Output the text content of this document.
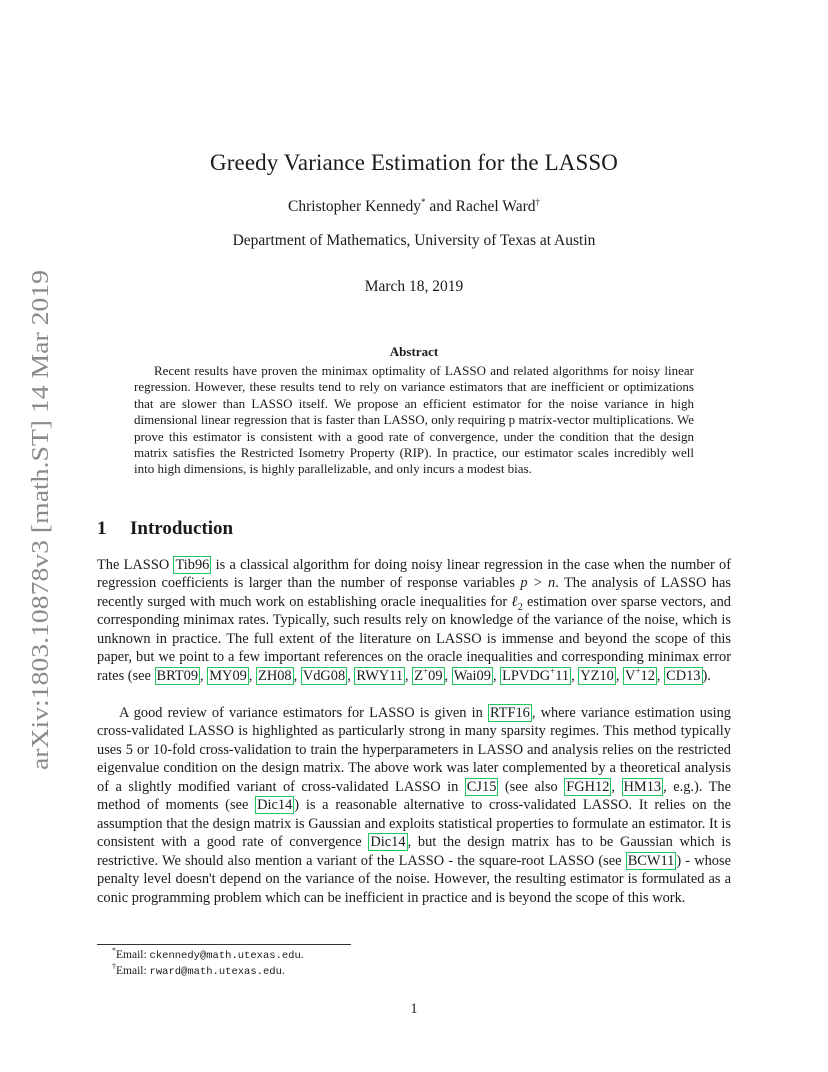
arXiv:1803.10878v3 [math.ST] 14 Mar 2019
Greedy Variance Estimation for the LASSO
Christopher Kennedy* and Rachel Ward†
Department of Mathematics, University of Texas at Austin
March 18, 2019
Abstract

Recent results have proven the minimax optimality of LASSO and related algorithms for noisy linear regression. However, these results tend to rely on variance estimators that are inefficient or optimizations that are slower than LASSO itself. We propose an efficient estimator for the noise variance in high dimensional linear regression that is faster than LASSO, only requiring p matrix-vector multiplications. We prove this estimator is consistent with a good rate of convergence, under the condition that the design matrix satisfies the Restricted Isometry Property (RIP). In practice, our estimator scales incredibly well into high dimensions, is highly parallelizable, and only incurs a modest bias.

1 Introduction

The LASSO Tib96 is a classical algorithm for doing noisy linear regression in the case when the number of regression coefficients is larger than the number of response variables p > n. The analysis of LASSO has recently surged with much work on establishing oracle inequalities for ℓ$_2$ estimation over sparse vectors, and corresponding minimax rates. Typically, such results rely on knowledge of the variance of the noise, which is unknown in practice. The full extent of the literature on LASSO is immense and beyond the scope of this paper, but we point to a few important references on the oracle inequalities and corresponding minimax error rates (see BRT09 , MY09 , ZH08 , VdG08 , RWY11 , Z+09 , Wai09 , LPVDG+11 , YZ10 , V+12 , CD13 ).

A good review of variance estimators for LASSO is given in RTF16 , where variance estimation using cross-validated LASSO is highlighted as particularly strong in many sparsity regimes. This method typically uses 5 or 10-fold cross-validation to train the hyperparameters in LASSO and analysis relies on the restricted eigenvalue condition on the design matrix. The above work was later complemented by a theoretical analysis of a slightly modified variant of cross-validated LASSO in CJ15 (see also FGH12 , HM13 , e.g.). The method of moments (see Dic14 ) is a reasonable alternative to cross-validated LASSO. It relies on the assumption that the design matrix is Gaussian and exploits statistical properties to formulate an estimator. It is consistent with a good rate of convergence Dic14 , but the design matrix has to be Gaussian which is restrictive. We should also mention a variant of the LASSO - the square-root LASSO (see BCW11 ) - whose penalty level doesn't depend on the variance of the noise. However, the resulting estimator is formulated as a conic programming problem which can be inefficient in practice and is beyond the scope of this work.

*Email: ckennedy@math.utexas.edu.
†Email: rward@math.utexas.edu.
1
